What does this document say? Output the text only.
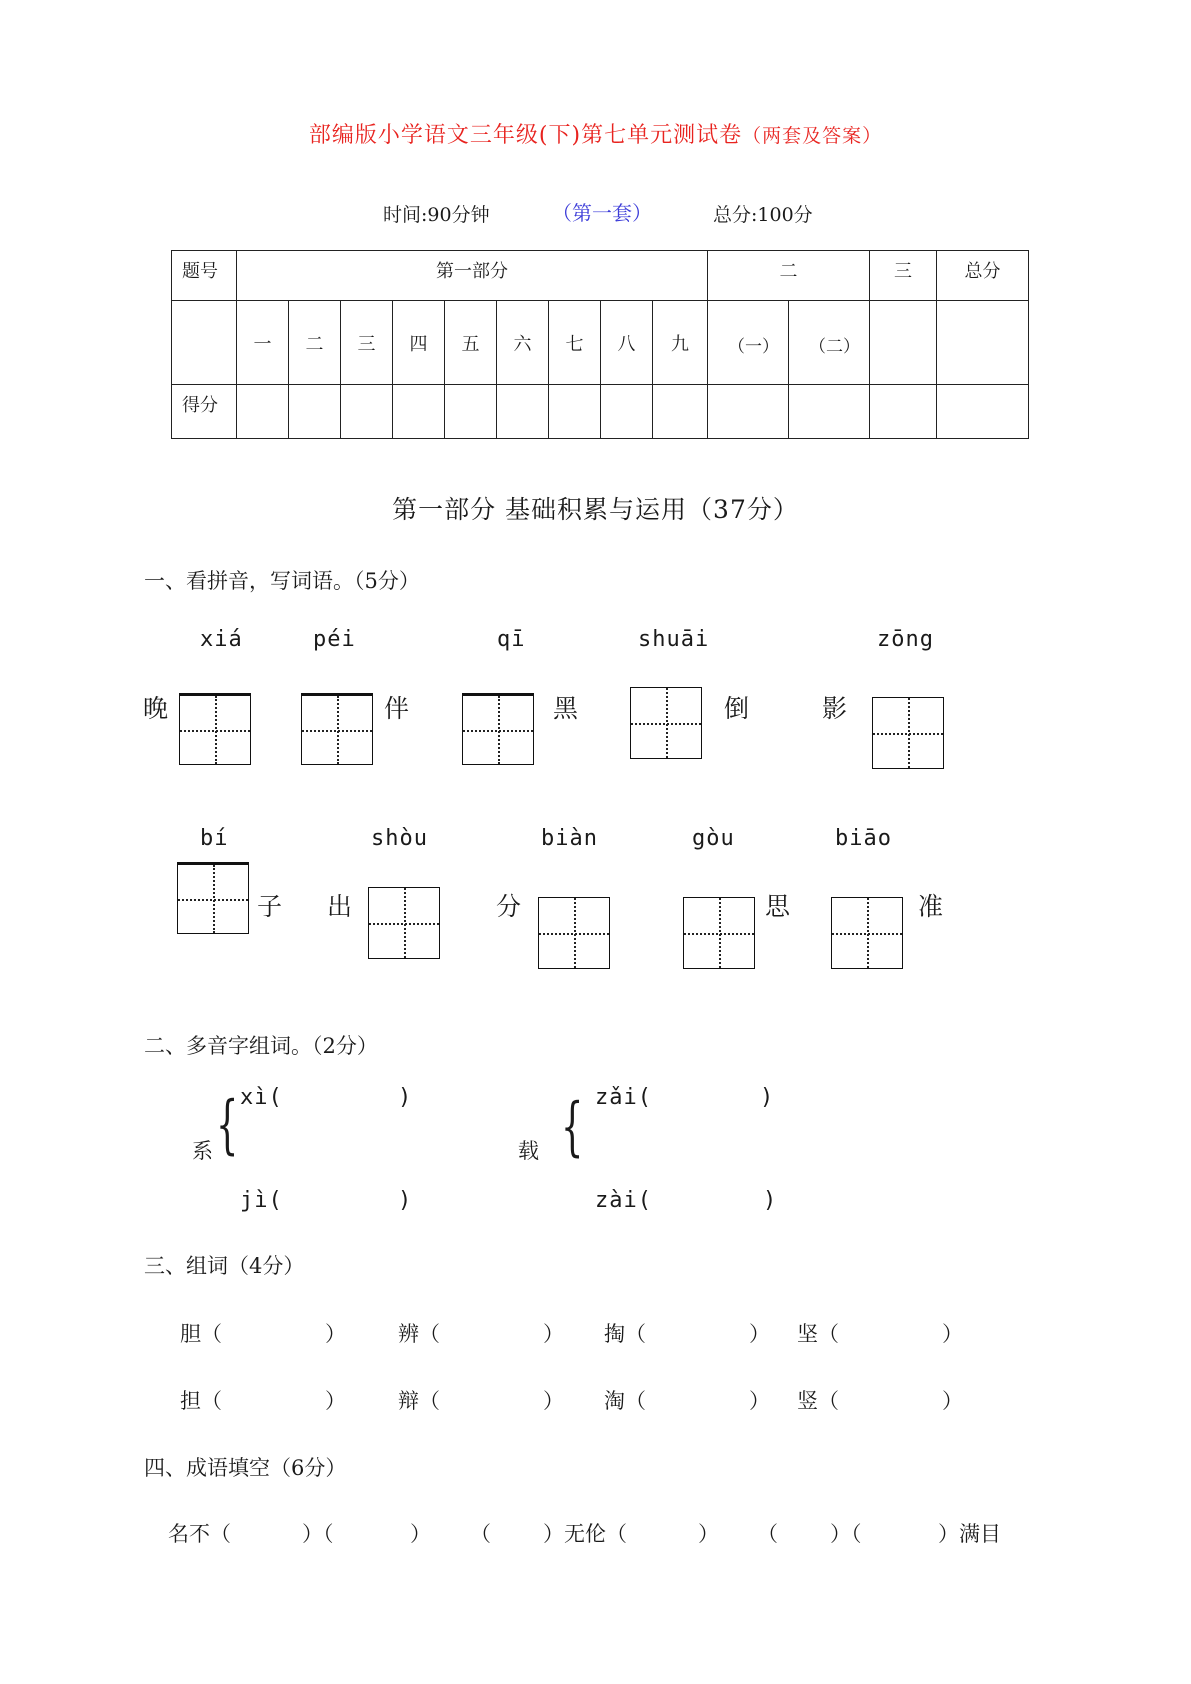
部编版小学语文三年级(下)第七单元测试卷（两套及答案）
时间:90分钟	（第一套）	总分:100分
题号	第一部分									二		三	总分
	一	二	三	四	五	六	七	八	九	（一）	（二）		

得分													
第一部分 基础积累与运用（37分）
一、看拼音，写词语。（5分）
xiá	péi	qī	shuāi	zōng
晚	伴	黑	倒	影
bí	shòu	biàn	gòu	biāo
子 出	分	思	准
二、多音字组词。（2分）
xì(	)
{
系
jì(	)
zǎi(	)
{
载
zài(	)
三、组词（4分）
胆（	） 辨（	） 掏（	） 坚（	）
担（	） 辩（	） 淘（	） 竖（	）
四、成语填空（6分）
名不（	）（	） （ ）无伦（	） （ ）（	）满目
